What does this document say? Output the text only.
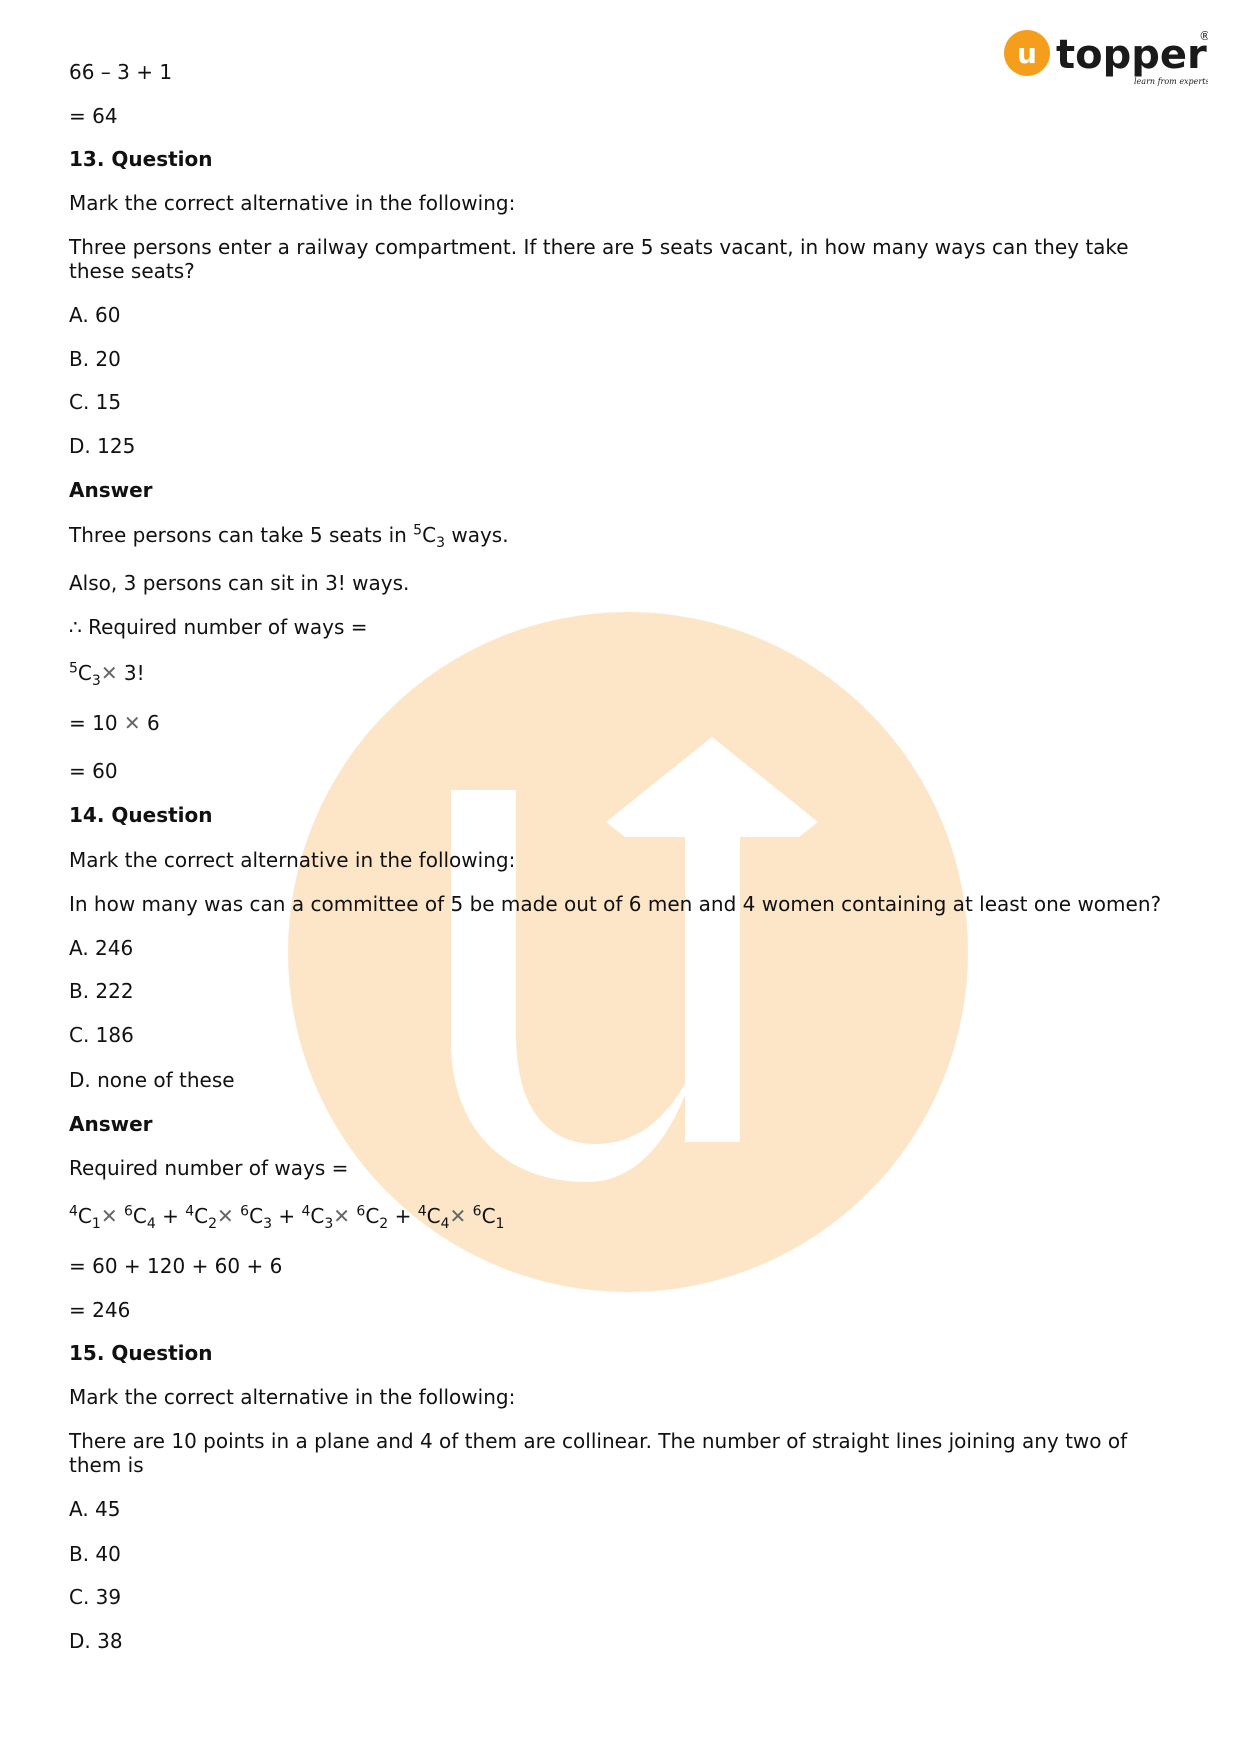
u topper
®
learn from experts

66 – 3 + 1

= 64

13. Question

Mark the correct alternative in the following:

Three persons enter a railway compartment. If there are 5 seats vacant, in how many ways can they take

these seats?

A. 60

B. 20

C. 15

D. 125

Answer

Three persons can take 5 seats in $^5C_3$ ways.

Also, 3 persons can sit in 3! ways.

∴ Required number of ways =

$^5C_3✕$ 3!

= 10 ✕ 6

= 60

14. Question

Mark the correct alternative in the following:

In how many was can a committee of 5 be made out of 6 men and 4 women containing at least one women?

A. 246

B. 222

C. 186

D. none of these

Answer

Required number of ways =

$^4C_1✕$ $^6C_4$ + $^4C_2✕$ $^6C_3$ + $^4C_3✕$ $^6C_2$ + $^4C_4✕$ $^6C_1$

= 60 + 120 + 60 + 6

= 246

15. Question

Mark the correct alternative in the following:

There are 10 points in a plane and 4 of them are collinear. The number of straight lines joining any two of

them is

A. 45

B. 40

C. 39

D. 38
